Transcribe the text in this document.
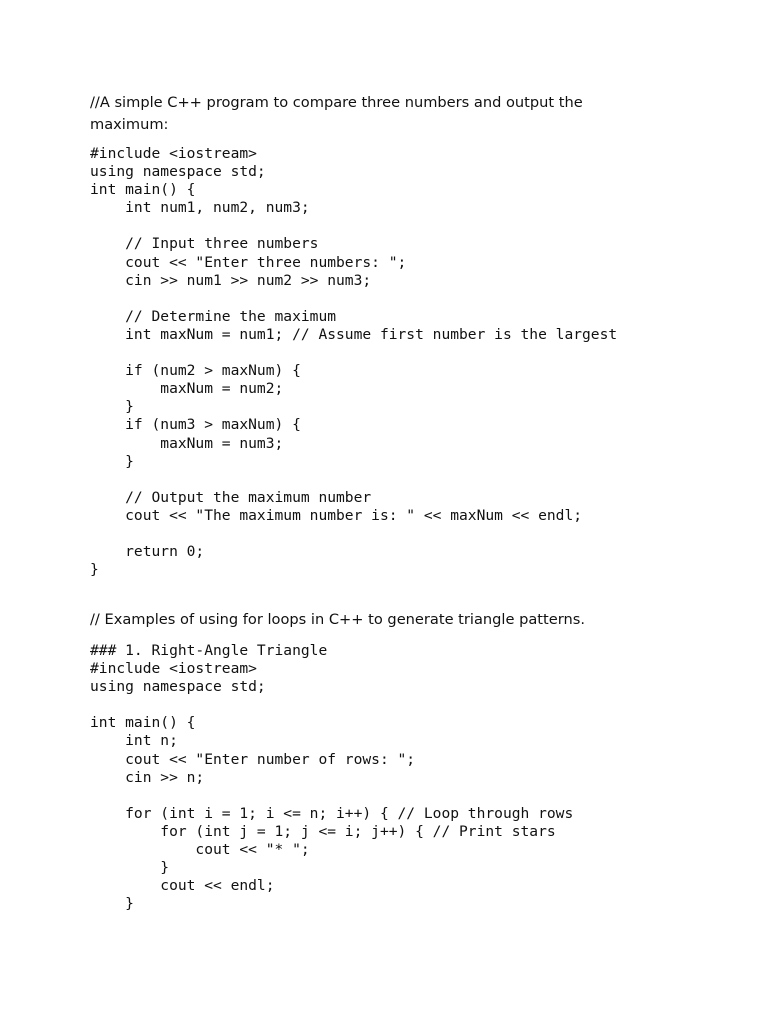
//A simple C++ program to compare three numbers and output the maximum:

#include <iostream>
using namespace std;
int main() {
int num1, num2, num3;

// Input three numbers
cout << "Enter three numbers: ";
cin >> num1 >> num2 >> num3;

// Determine the maximum
int maxNum = num1; // Assume first number is the largest

if (num2 > maxNum) {
maxNum = num2;
}
if (num3 > maxNum) {
maxNum = num3;
}

// Output the maximum number
cout << "The maximum number is: " << maxNum << endl;

return 0;
}

// Examples of using for loops in C++ to generate triangle patterns.

### 1. Right-Angle Triangle
#include <iostream>
using namespace std;

int main() {
int n;
cout << "Enter number of rows: ";
cin >> n;

for (int i = 1; i <= n; i++) { // Loop through rows
for (int j = 1; j <= i; j++) { // Print stars
cout << "* ";
}
cout << endl;
}
